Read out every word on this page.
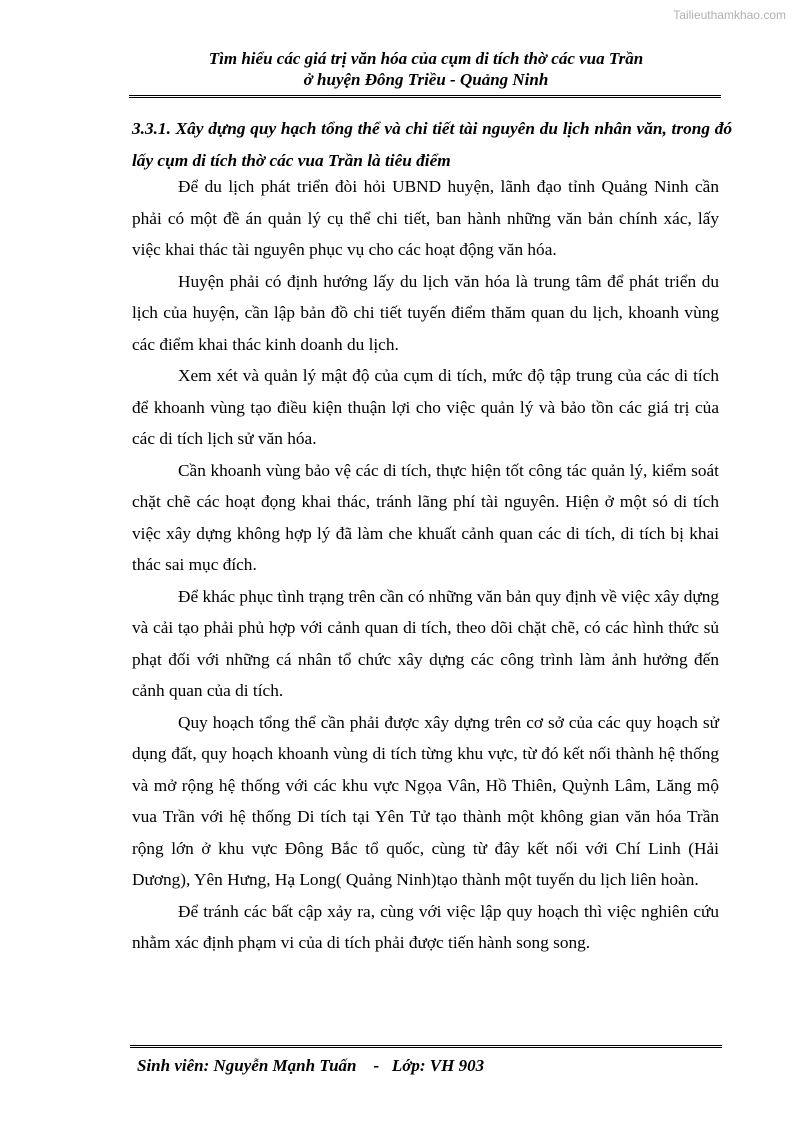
Tailieuthamkhao.com
Tìm hiểu các giá trị văn hóa của cụm di tích thờ các vua Trần
ở huyện Đông Triều - Quảng Ninh
3.3.1. Xây dựng quy hạch tổng thể và chi tiết tài nguyên du lịch nhân văn, trong đó lấy cụm di tích thờ các vua Trần là tiêu điểm

Để du lịch phát triển đòi hỏi UBND huyện, lãnh đạo tỉnh Quảng Ninh cần phải có một đề án quản lý cụ thể chi tiết, ban hành những văn bản chính xác, lấy việc khai thác tài nguyên phục vụ cho các hoạt động văn hóa.

Huyện phải có định hướng lấy du lịch văn hóa là trung tâm để phát triển du lịch của huyện, cần lập bản đồ chi tiết tuyến điểm thăm quan du lịch, khoanh vùng các điểm khai thác kinh doanh du lịch.

Xem xét và quản lý mật độ của cụm di tích, mức độ tập trung của các di tích để khoanh vùng tạo điều kiện thuận lợi cho việc quản lý và bảo tồn các giá trị của các di tích lịch sử văn hóa.

Cần khoanh vùng bảo vệ các di tích, thực hiện tốt công tác quản lý, kiểm soát chặt chẽ các hoạt đọng khai thác, tránh lãng phí tài nguyên. Hiện ở một só di tích việc xây dựng không hợp lý đã làm che khuất cảnh quan các di tích, di tích bị khai thác sai mục đích.

Để khác phục tình trạng trên cần có những văn bản quy định về việc xây dựng và cải tạo phải phủ hợp với cảnh quan di tích, theo dõi chặt chẽ, có các hình thức sủ phạt đối với những cá nhân tổ chức xây dựng các công trình làm ảnh hưởng đến cảnh quan của di tích.

Quy hoạch tổng thể cần phải được xây dựng trên cơ sở của các quy hoạch sử dụng đất, quy hoạch khoanh vùng di tích từng khu vực, từ đó kết nối thành hệ thống và mở rộng hệ thống với các khu vực Ngọa Vân, Hồ Thiên, Quỳnh Lâm, Lăng mộ vua Trần với hệ thống Di tích tại Yên Tử tạo thành một không gian văn hóa Trần rộng lớn ở khu vực Đông Bắc tổ quốc, cùng từ đây kết nối với Chí Linh (Hải Dương), Yên Hưng, Hạ Long( Quảng Ninh)tạo thành một tuyến du lịch liên hoàn.

Để tránh các bất cập xảy ra, cùng với việc lập quy hoạch thì việc nghiên cứu nhằm xác định phạm vi của di tích phải được tiến hành song song.

Sinh viên: Nguyễn Mạnh Tuấn    -   Lớp: VH 903
